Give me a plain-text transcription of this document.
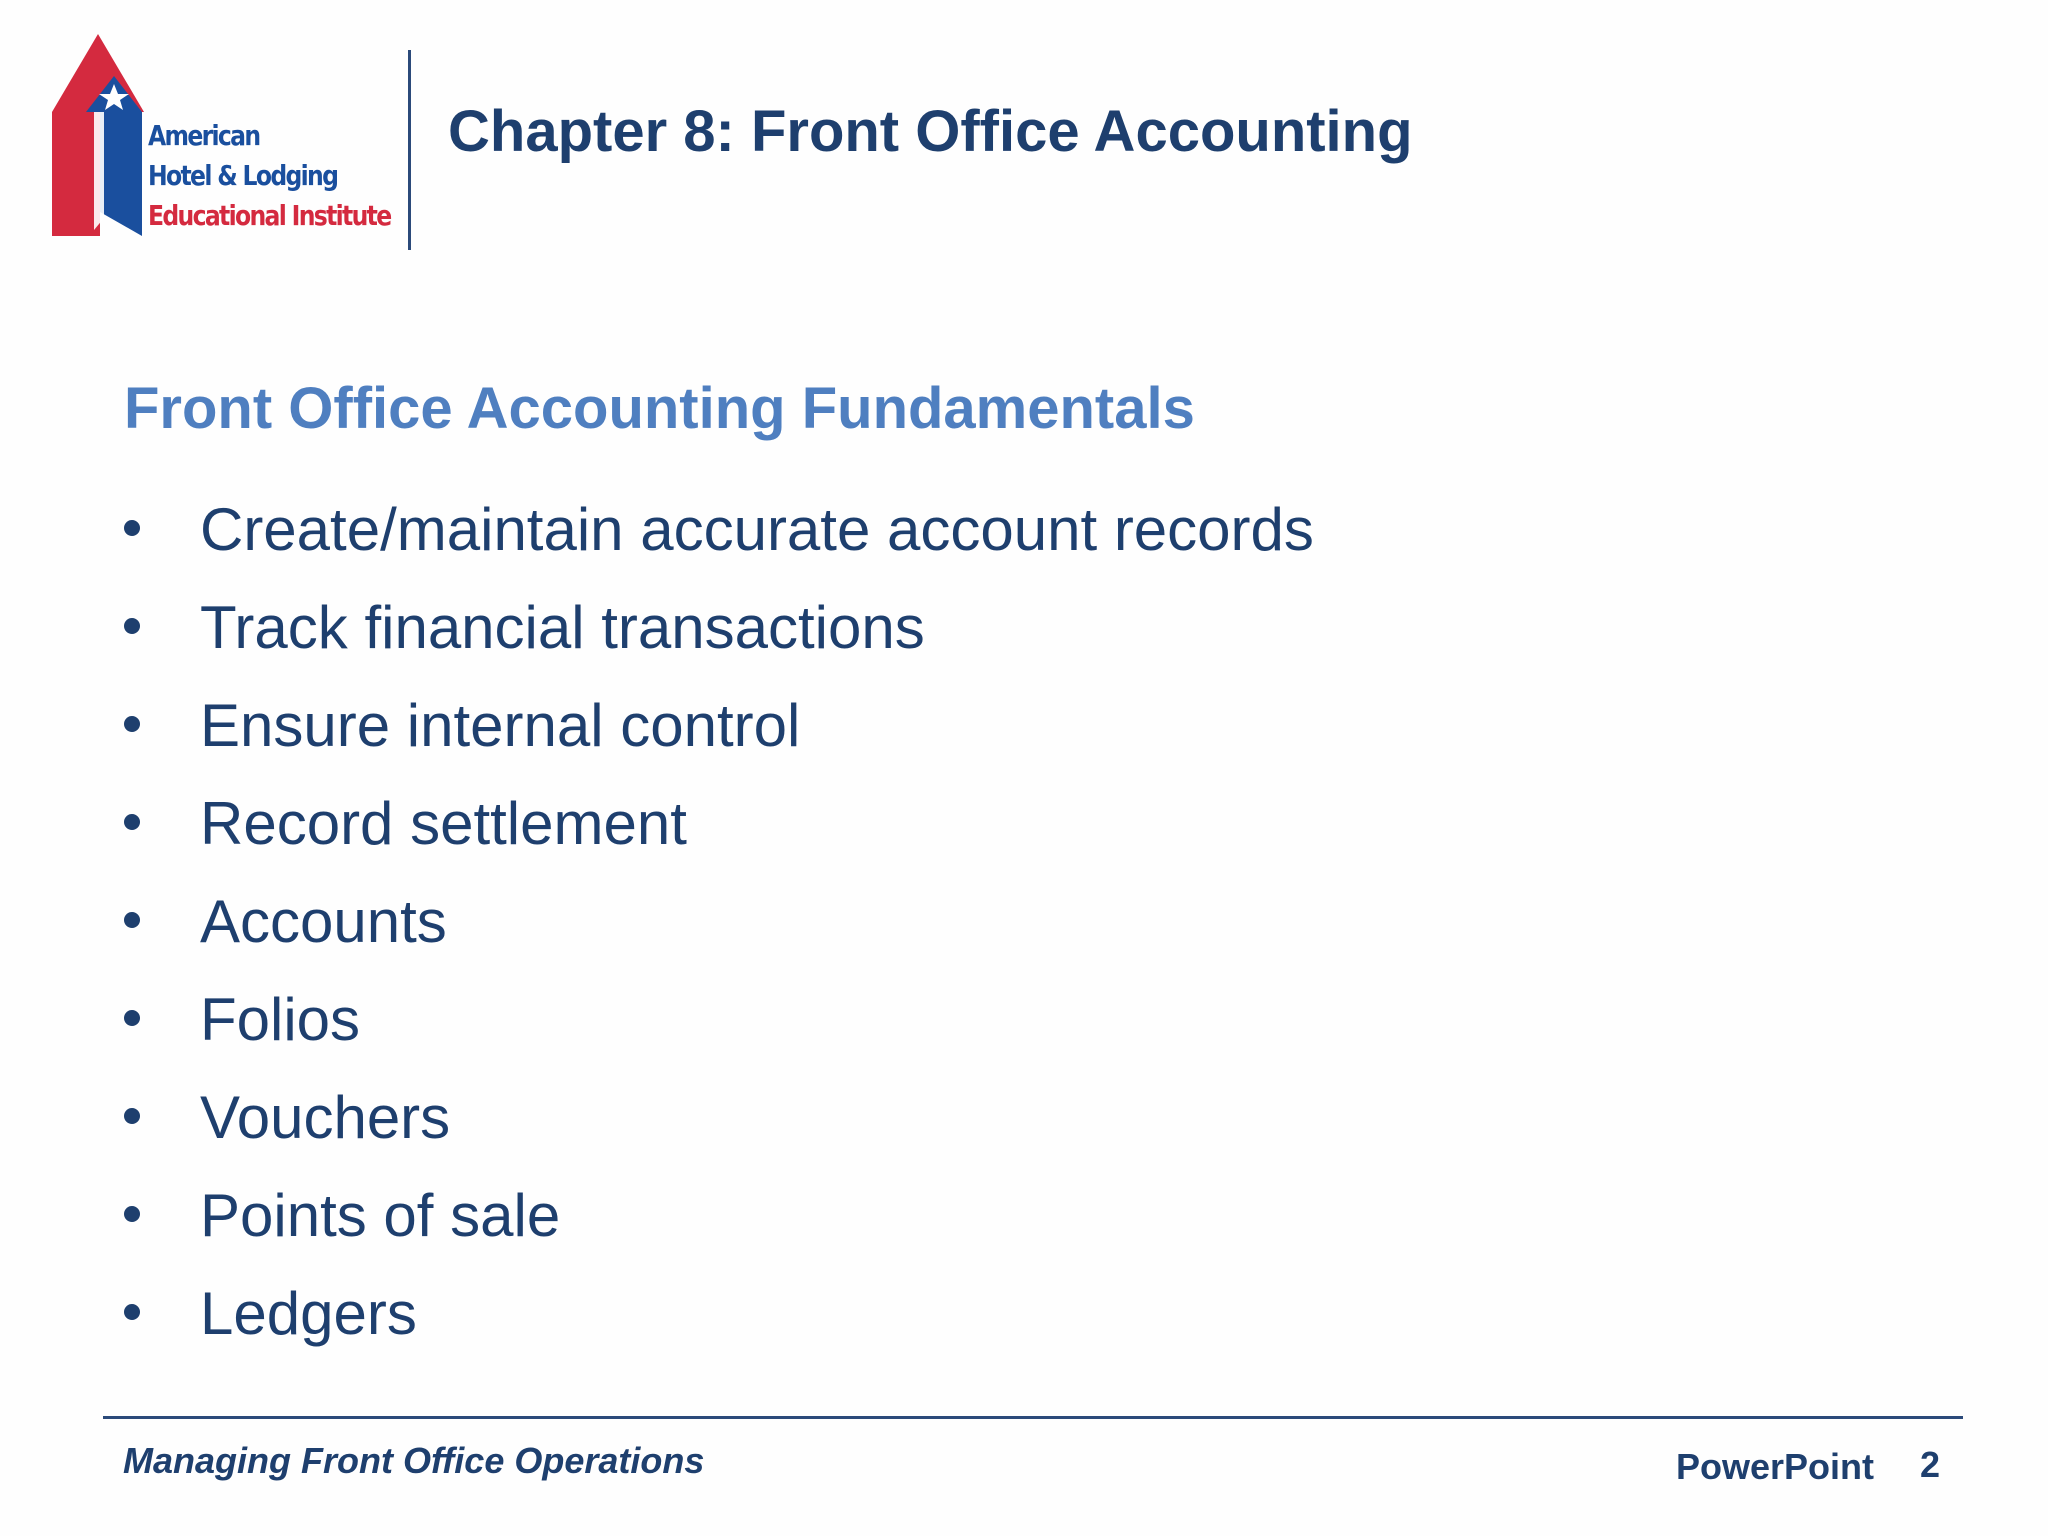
American
Hotel & Lodging
Educational Institute
Chapter 8: Front Office Accounting
Front Office Accounting Fundamentals
Create/maintain accurate account records
Track financial transactions
Ensure internal control
Record settlement
Accounts
Folios
Vouchers
Points of sale
Ledgers
Managing Front Office Operations	PowerPoint 2
